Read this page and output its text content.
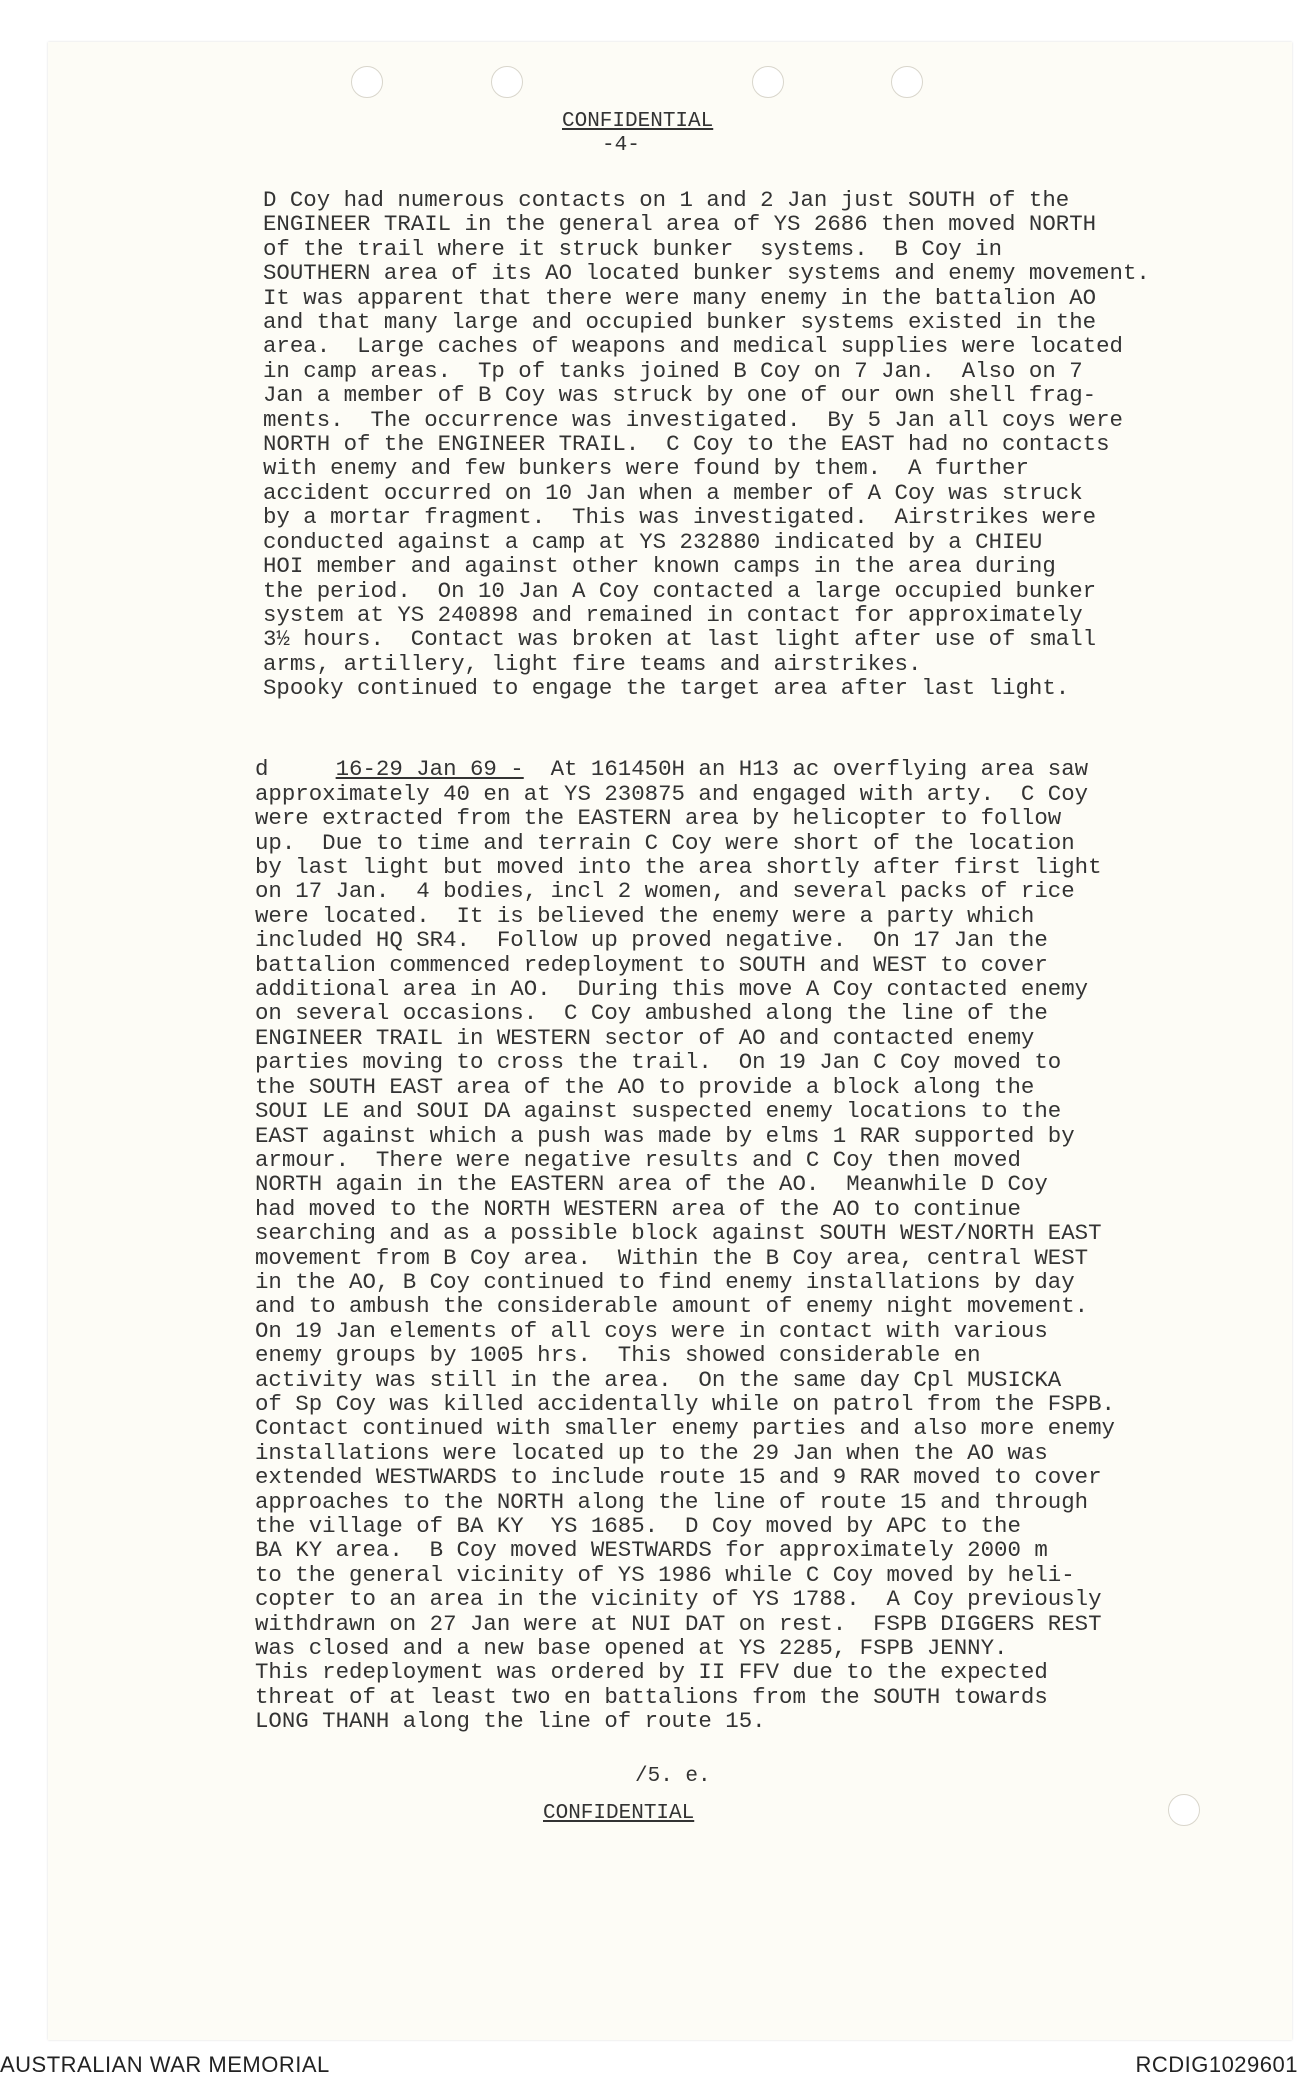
CONFIDENTIAL
-4-
D Coy had numerous contacts on 1 and 2 Jan just SOUTH of the
ENGINEER TRAIL in the general area of YS 2686 then moved NORTH
of the trail where it struck bunker  systems.  B Coy in
SOUTHERN area of its AO located bunker systems and enemy movement.
It was apparent that there were many enemy in the battalion AO
and that many large and occupied bunker systems existed in the
area.  Large caches of weapons and medical supplies were located
in camp areas.  Tp of tanks joined B Coy on 7 Jan.  Also on 7
Jan a member of B Coy was struck by one of our own shell frag-
ments.  The occurrence was investigated.  By 5 Jan all coys were
NORTH of the ENGINEER TRAIL.  C Coy to the EAST had no contacts
with enemy and few bunkers were found by them.  A further
accident occurred on 10 Jan when a member of A Coy was struck
by a mortar fragment.  This was investigated.  Airstrikes were
conducted against a camp at YS 232880 indicated by a CHIEU
HOI member and against other known camps in the area during
the period.  On 10 Jan A Coy contacted a large occupied bunker
system at YS 240898 and remained in contact for approximately
3½ hours.  Contact was broken at last light after use of small
arms, artillery, light fire teams and airstrikes.
Spooky continued to engage the target area after last light.

d	16-29 Jan 69 -  At 161450H an H13 ac overflying area saw
approximately 40 en at YS 230875 and engaged with arty.  C Coy
were extracted from the EASTERN area by helicopter to follow
up.  Due to time and terrain C Coy were short of the location
by last light but moved into the area shortly after first light
on 17 Jan.  4 bodies, incl 2 women, and several packs of rice
were located.  It is believed the enemy were a party which
included HQ SR4.  Follow up proved negative.  On 17 Jan the
battalion commenced redeployment to SOUTH and WEST to cover
additional area in AO.  During this move A Coy contacted enemy
on several occasions.  C Coy ambushed along the line of the
ENGINEER TRAIL in WESTERN sector of AO and contacted enemy
parties moving to cross the trail.  On 19 Jan C Coy moved to
the SOUTH EAST area of the AO to provide a block along the
SOUI LE and SOUI DA against suspected enemy locations to the
EAST against which a push was made by elms 1 RAR supported by
armour.  There were negative results and C Coy then moved
NORTH again in the EASTERN area of the AO.  Meanwhile D Coy
had moved to the NORTH WESTERN area of the AO to continue
searching and as a possible block against SOUTH WEST/NORTH EAST
movement from B Coy area.  Within the B Coy area, central WEST
in the AO, B Coy continued to find enemy installations by day
and to ambush the considerable amount of enemy night movement.
On 19 Jan elements of all coys were in contact with various
enemy groups by 1005 hrs.  This showed considerable en
activity was still in the area.  On the same day Cpl MUSICKA
of Sp Coy was killed accidentally while on patrol from the FSPB.
Contact continued with smaller enemy parties and also more enemy
installations were located up to the 29 Jan when the AO was
extended WESTWARDS to include route 15 and 9 RAR moved to cover
approaches to the NORTH along the line of route 15 and through
the village of BA KY  YS 1685.  D Coy moved by APC to the
BA KY area.  B Coy moved WESTWARDS for approximately 2000 m
to the general vicinity of YS 1986 while C Coy moved by heli-
copter to an area in the vicinity of YS 1788.  A Coy previously
withdrawn on 27 Jan were at NUI DAT on rest.  FSPB DIGGERS REST
was closed and a new base opened at YS 2285, FSPB JENNY.
This redeployment was ordered by II FFV due to the expected
threat of at least two en battalions from the SOUTH towards
LONG THANH along the line of route 15.
/5. e.
CONFIDENTIAL
AUSTRALIAN WAR MEMORIAL	RCDIG1029601
